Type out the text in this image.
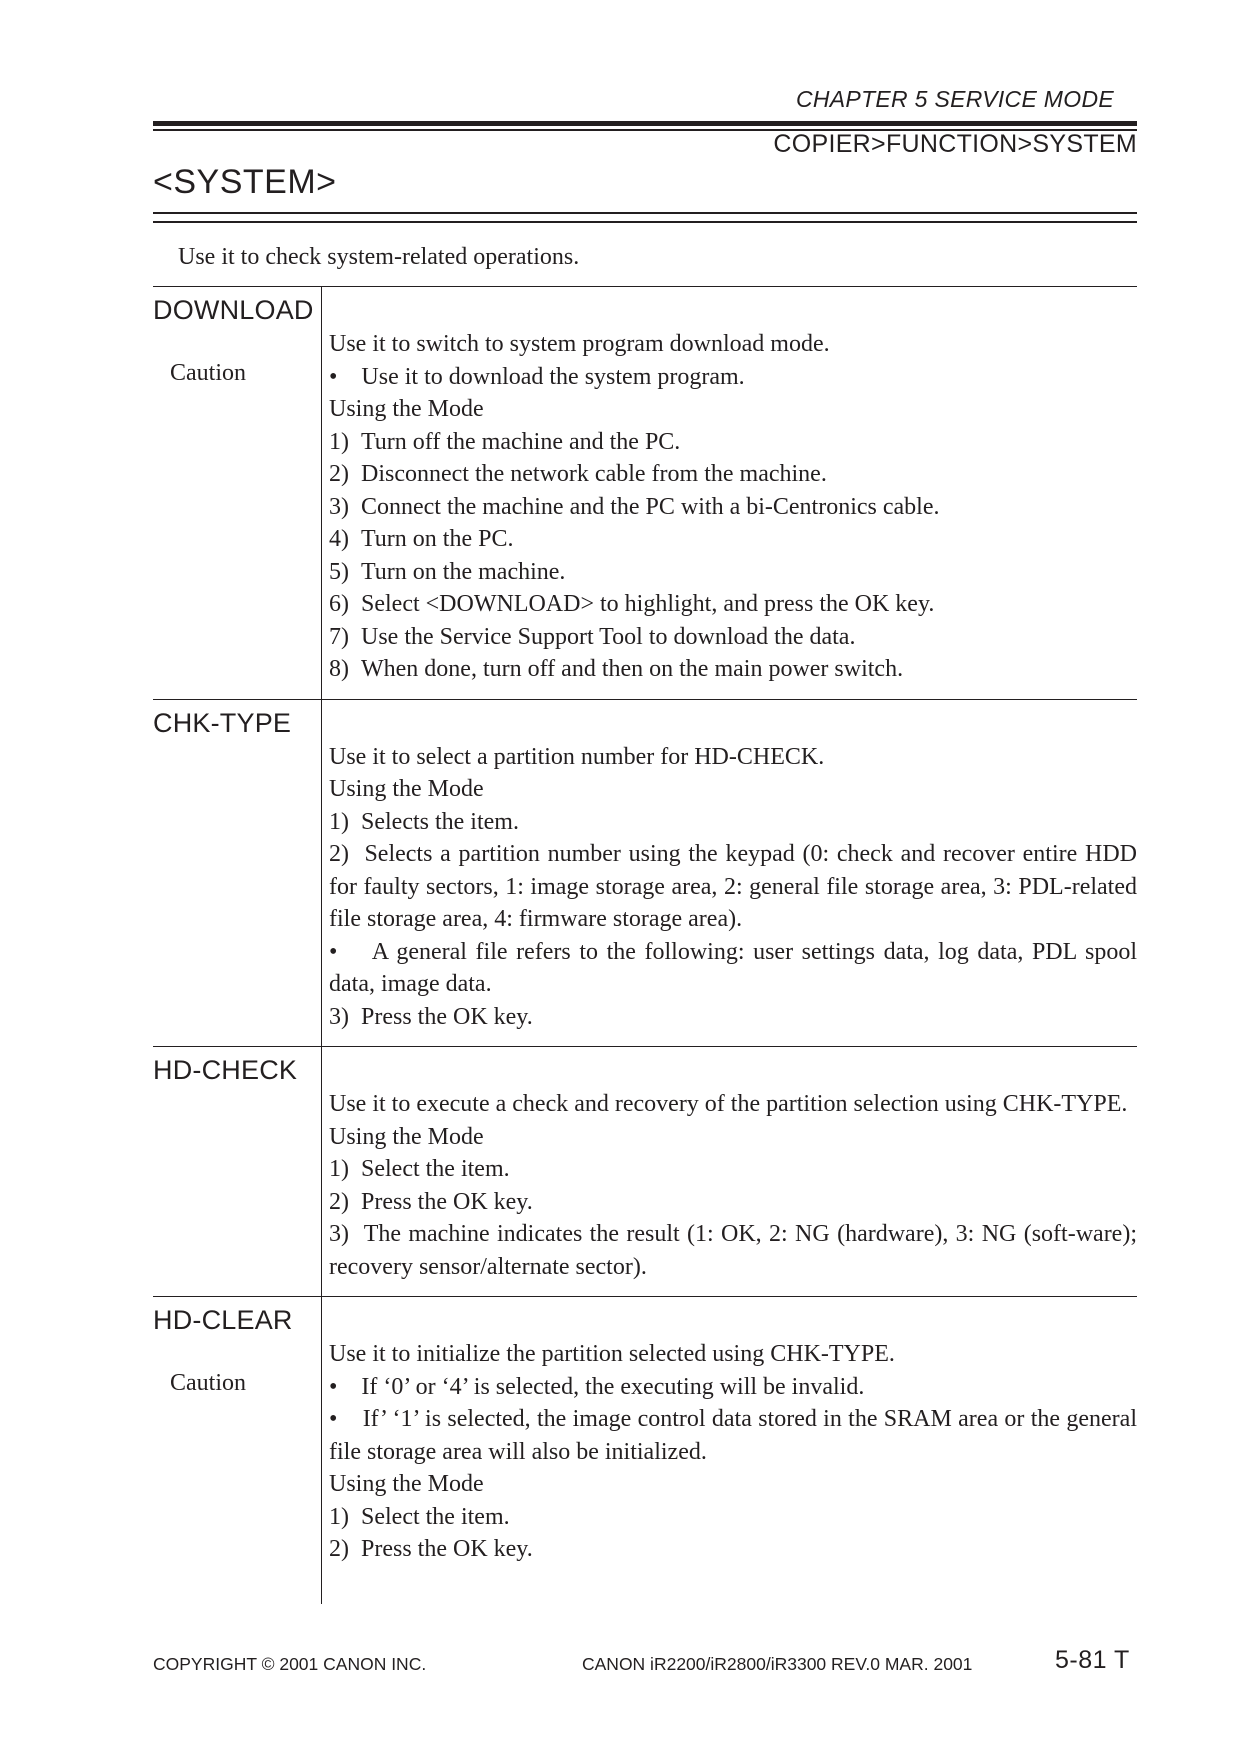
CHAPTER 5 SERVICE MODE
COPIER>FUNCTION>SYSTEM
<SYSTEM>
Use it to check system-related operations.
DOWNLOAD
Caution

Use it to switch to system program download mode.

•    Use it to download the system program.

Using the Mode

1)  Turn off the machine and the PC.

2)  Disconnect the network cable from the machine.

3)  Connect the machine and the PC with a bi-Centronics cable.

4)  Turn on the PC.

5)  Turn on the machine.

6)  Select <DOWNLOAD> to highlight, and press the OK key.

7)  Use the Service Support Tool to download the data.

8)  When done, turn off and then on the main power switch.

CHK-TYPE

Use it to select a partition number for HD-CHECK.

Using the Mode

1)  Selects the item.

2)  Selects a partition number using the keypad (0: check and recover entire HDD for faulty sectors, 1: image storage area, 2: general file storage area, 3: PDL-related file storage area, 4: firmware storage area).

•    A general file refers to the following: user settings data, log data, PDL spool data, image data.

3)  Press the OK key.

HD-CHECK

Use it to execute a check and recovery of the partition selection using CHK-TYPE.

Using the Mode

1)  Select the item.

2)  Press the OK key.

3)  The machine indicates the result (1: OK, 2: NG (hardware), 3: NG (soft-ware); recovery sensor/alternate sector).

HD-CLEAR
Caution

Use it to initialize the partition selected using CHK-TYPE.

•    If ‘0’ or ‘4’ is selected, the executing will be invalid.

•    If’ ‘1’ is selected, the image control data stored in the SRAM area or the general file storage area will also be initialized.

Using the Mode

1)  Select the item.

2)  Press the OK key.

COPYRIGHT © 2001 CANON INC.	CANON iR2200/iR2800/iR3300 REV.0 MAR. 2001	5-81 T
